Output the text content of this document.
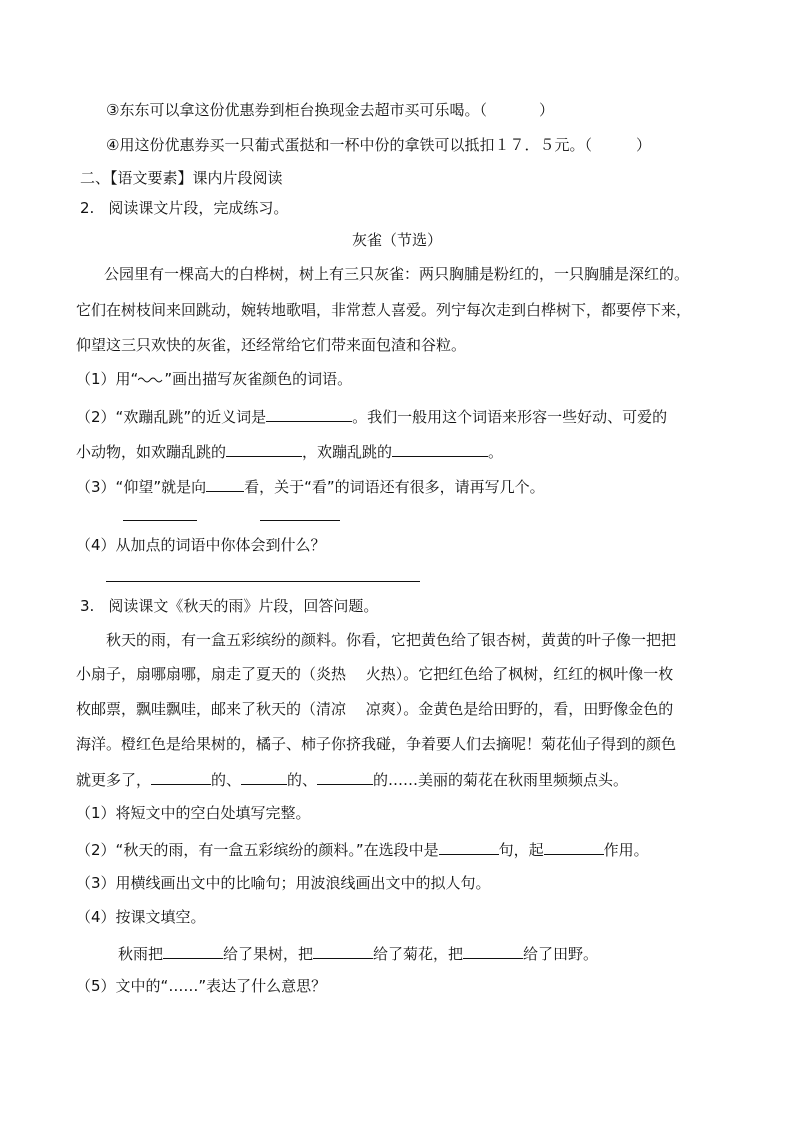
③东东可以拿这份优惠券到柜台换现金去超市买可乐喝。（	）
④用这份优惠券买一只葡式蛋挞和一杯中份的拿铁可以抵扣１７．５元。（	）
二、【语文要素】课内片段阅读
2. 阅读课文片段，完成练习。
灰雀（节选）
公园里有一棵高大的白桦树，树上有三只灰雀：两只胸脯是粉红的，一只胸脯是深红的。
它们在树枝间来回跳动，婉转地歌唱，非常惹人喜爱。列宁每次走到白桦树下，都要停下来，
仰望这三只欢快的灰雀，还经常给它们带来面包渣和谷粒。
（1）用“ ”画出描写灰雀颜色的词语。
（2）“欢蹦乱跳”的近义词是	。我们一般用这个词语来形容一些好动、可爱的
小动物，如欢蹦乱跳的	，欢蹦乱跳的	。
（3）“仰望”就是向	看，关于“看”的词语还有很多，请再写几个。
（4）从加点的词语中你体会到什么？
3. 阅读课文《秋天的雨》片段，回答问题。
秋天的雨，有一盒五彩缤纷的颜料。你看，它把黄色给了银杏树，黄黄的叶子像一把把
小扇子，扇哪扇哪，扇走了夏天的（炎热　 火热）。它把红色给了枫树，红红的枫叶像一枚
枚邮票，飘哇飘哇，邮来了秋天的（清凉　 凉爽）。金黄色是给田野的，看，田野像金色的
海洋。橙红色是给果树的，橘子、柿子你挤我碰，争着要人们去摘呢！菊花仙子得到的颜色
就更多了，	的、	的、	的……美丽的菊花在秋雨里频频点头。
（1）将短文中的空白处填写完整。
（2）“秋天的雨，有一盒五彩缤纷的颜料。”在选段中是	句，起	作用。
（3）用横线画出文中的比喻句；用波浪线画出文中的拟人句。
（4）按课文填空。
秋雨把	给了果树，把	给了菊花，把	给了田野。
（5）文中的“……”表达了什么意思？
